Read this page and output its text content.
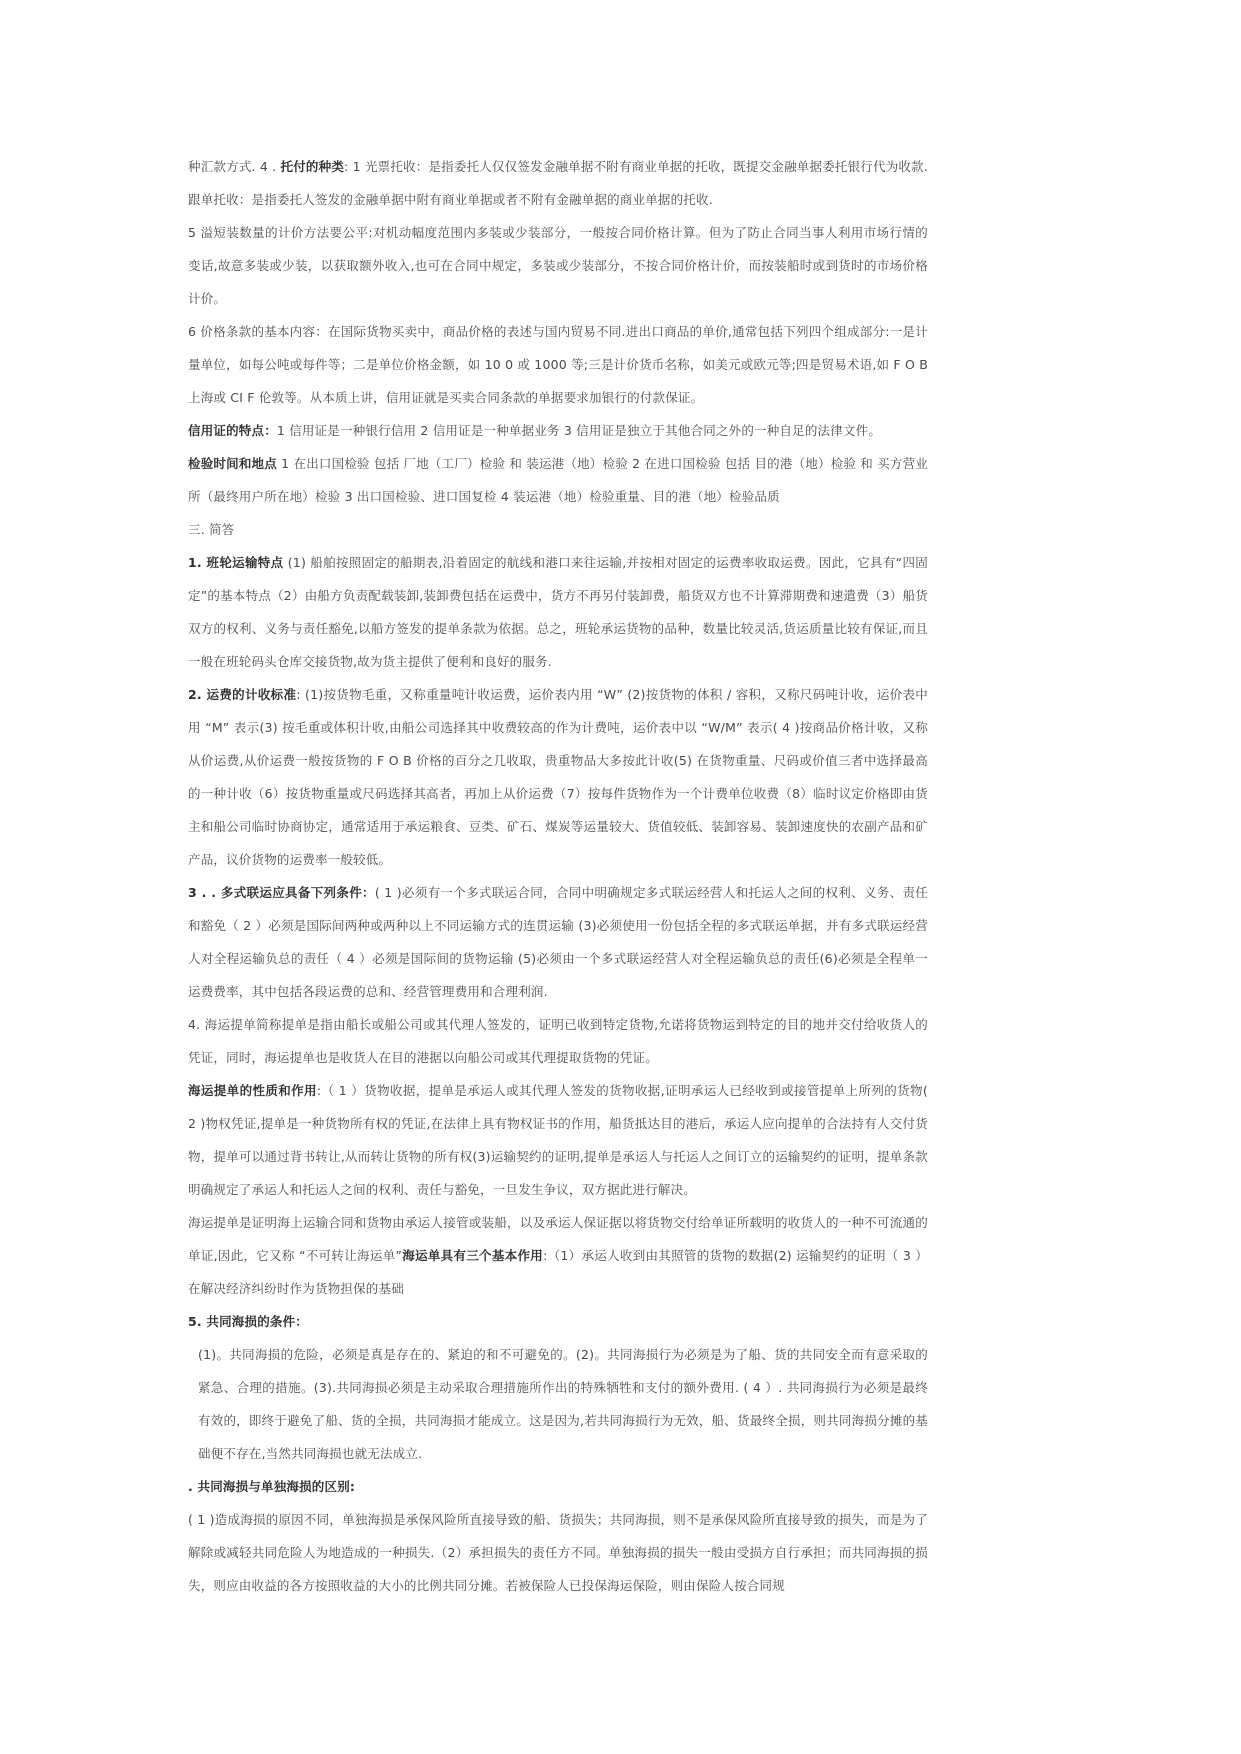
种汇款方式. 4 . 托付的种类: 1 光票托收：是指委托人仅仅签发金融单据不附有商业单据的托收，既提交金融单据委托银行代为收款.跟单托收：是指委托人签发的金融单据中附有商业单据或者不附有金融单据的商业单据的托收.

5 溢短装数量的计价方法要公平:对机动幅度范围内多装或少装部分，一般按合同价格计算。但为了防止合同当事人利用市场行情的变话,故意多装或少装，以获取额外收入,也可在合同中规定，多装或少装部分，不按合同价格计价，而按装船时或到货时的市场价格计价。

6 价格条款的基本内容：在国际货物买卖中，商品价格的表述与国内贸易不同.进出口商品的单价,通常包括下列四个组成部分:一是计量单位，如每公吨或每件等；二是单位价格金额，如 10 0 或 1000 等;三是计价货币名称，如美元或欧元等;四是贸易术语,如 F O B 上海或 CI F 伦敦等。从本质上讲，信用证就是买卖合同条款的单据要求加银行的付款保证。

信用证的特点：1 信用证是一种银行信用 2 信用证是一种单据业务 3 信用证是独立于其他合同之外的一种自足的法律文件。

检验时间和地点 1 在出口国检验 包括 厂地（工厂）检验 和 装运港（地）检验 2 在进口国检验 包括 目的港（地）检验 和 买方营业所（最终用户所在地）检验 3 出口国检验、进口国复检 4 装运港（地）检验重量、目的港（地）检验品质

三. 简答

1. 班轮运输特点 (1) 船舶按照固定的船期表,沿着固定的航线和港口来往运输,并按相对固定的运费率收取运费。因此，它具有“四固定”的基本特点（2）由船方负责配载装卸,装卸费包括在运费中，货方不再另付装卸费，船货双方也不计算滞期费和速遣费（3）船货双方的权利、义务与责任豁免,以船方签发的提单条款为依据。总之，班轮承运货物的品种，数量比较灵活,货运质量比较有保证,而且一般在班轮码头仓库交接货物,故为货主提供了便利和良好的服务.

2. 运费的计收标准: (1)按货物毛重，又称重量吨计收运费，运价表内用 “W” (2)按货物的体积 / 容积，又称尺码吨计收，运价表中用 “M” 表示(3) 按毛重或体积计收,由船公司选择其中收费较高的作为计费吨，运价表中以 “W/M” 表示( 4 )按商品价格计收，又称从价运费,从价运费一般按货物的 F O B 价格的百分之几收取，贵重物品大多按此计收(5) 在货物重量、尺码或价值三者中选择最高的一种计收（6）按货物重量或尺码选择其高者，再加上从价运费（7）按每件货物作为一个计费单位收费（8）临时议定价格即由货主和船公司临时协商协定，通常适用于承运粮食、豆类、矿石、煤炭等运量较大、货值较低、装卸容易、装卸速度快的农副产品和矿产品，议价货物的运费率一般较低。

3 . . 多式联运应具备下列条件：( 1 )必须有一个多式联运合同，合同中明确规定多式联运经营人和托运人之间的权利、义务、责任和豁免（ 2 ）必须是国际间两种或两种以上不同运输方式的连贯运输 (3)必须使用一份包括全程的多式联运单据，并有多式联运经营人对全程运输负总的责任（ 4 ）必须是国际间的货物运输 (5)必须由一个多式联运经营人对全程运输负总的责任(6)必须是全程单一运费费率，其中包括各段运费的总和、经营管理费用和合理利润.

4. 海运提单简称提单是指由船长或船公司或其代理人签发的，证明已收到特定货物,允诺将货物运到特定的目的地并交付给收货人的凭证，同时，海运提单也是收货人在目的港据以向船公司或其代理提取货物的凭证。

海运提单的性质和作用:（ 1 ）货物收据，提单是承运人或其代理人签发的货物收据,证明承运人已经收到或接管提单上所列的货物( 2 )物权凭证,提单是一种货物所有权的凭证,在法律上具有物权证书的作用，船货抵达目的港后，承运人应向提单的合法持有人交付货物，提单可以通过背书转让,从而转让货物的所有权(3)运输契约的证明,提单是承运人与托运人之间订立的运输契约的证明，提单条款明确规定了承运人和托运人之间的权利、责任与豁免，一旦发生争议，双方据此进行解决。

海运提单是证明海上运输合同和货物由承运人接管或装船，以及承运人保证据以将货物交付给单证所载明的收货人的一种不可流通的单证,因此，它又称 “不可转让海运单”海运单具有三个基本作用:（1）承运人收到由其照管的货物的数据(2) 运输契约的证明（ 3 ）在解决经济纠纷时作为货物担保的基础

5. 共同海损的条件：

(1)。共同海损的危险，必须是真是存在的、紧迫的和不可避免的。(2)。共同海损行为必须是为了船、货的共同安全而有意采取的紧急、合理的措施。(3).共同海损必须是主动采取合理措施所作出的特殊牺牲和支付的额外费用. ( 4 ）. 共同海损行为必须是最终有效的，即终于避免了船、货的全损，共同海损才能成立。这是因为,若共同海损行为无效，船、货最终全损，则共同海损分摊的基础便不存在,当然共同海损也就无法成立.

. 共同海损与单独海损的区别:

( 1 )造成海损的原因不同，单独海损是承保风险所直接导致的船、货损失；共同海损，则不是承保风险所直接导致的损失，而是为了解除或减轻共同危险人为地造成的一种损失.（2）承担损失的责任方不同。单独海损的损失一般由受损方自行承担；而共同海损的损失，则应由收益的各方按照收益的大小的比例共同分摊。若被保险人已投保海运保险，则由保险人按合同规
